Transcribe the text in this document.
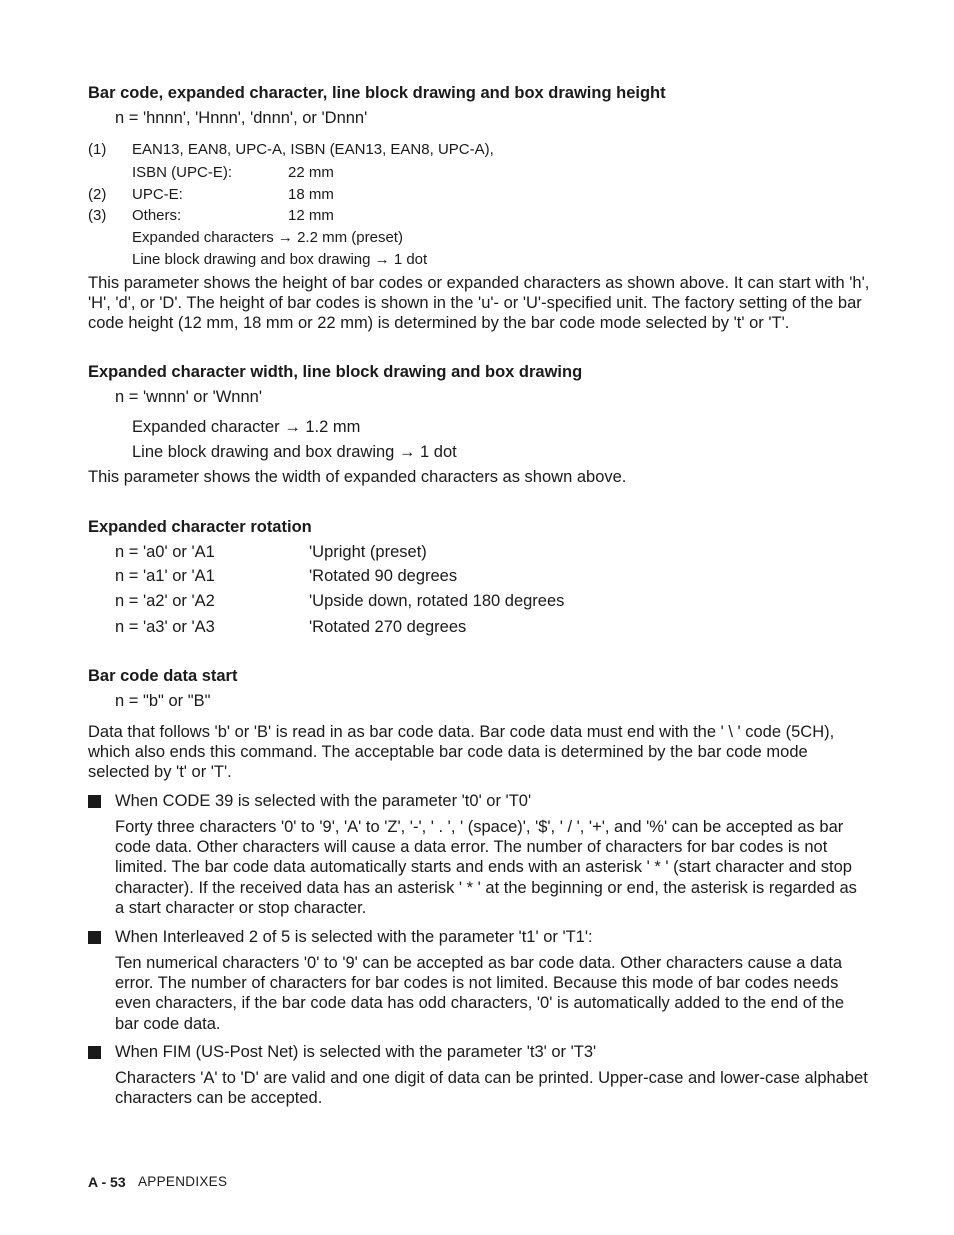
Bar code, expanded character, line block drawing and box drawing height
n = 'hnnn', 'Hnnn', 'dnnn', or 'Dnnn'
(1) EAN13, EAN8, UPC-A, ISBN (EAN13, EAN8, UPC-A),
ISBN (UPC-E):	22 mm
(2) UPC-E:	18 mm
(3) Others:	12 mm
Expanded characters → 2.2 mm (preset)
Line block drawing and box drawing → 1 dot
This parameter shows the height of bar codes or expanded characters as shown above. It can start with 'h', 'H', 'd', or 'D'. The height of bar codes is shown in the 'u'- or 'U'-specified unit. The factory setting of the bar code height (12 mm, 18 mm or 22 mm) is determined by the bar code mode selected by 't' or 'T'.
Expanded character width, line block drawing and box drawing
n = 'wnnn' or 'Wnnn'
Expanded character → 1.2 mm
Line block drawing and box drawing → 1 dot
This parameter shows the width of expanded characters as shown above.
Expanded character rotation
n = 'a0' or 'A1	'Upright (preset)
n = 'a1' or 'A1	'Rotated 90 degrees
n = 'a2' or 'A2	'Upside down, rotated 180 degrees
n = 'a3' or 'A3	'Rotated 270 degrees
Bar code data start
n = "b" or "B"
Data that follows 'b' or 'B' is read in as bar code data. Bar code data must end with the ' \ ' code (5CH), which also ends this command. The acceptable bar code data is determined by the bar code mode selected by 't' or 'T'.
When CODE 39 is selected with the parameter 't0' or 'T0'
Forty three characters '0' to '9', 'A' to 'Z', '-', ' . ', ' (space)', '$', ' / ', '+', and '%' can be accepted as bar code data. Other characters will cause a data error. The number of characters for bar codes is not limited. The bar code data automatically starts and ends with an asterisk ' * ' (start character and stop character). If the received data has an asterisk ' * ' at the beginning or end, the asterisk is regarded as a start character or stop character.
When Interleaved 2 of 5 is selected with the parameter 't1' or 'T1':
Ten numerical characters '0' to '9' can be accepted as bar code data. Other characters cause a data error. The number of characters for bar codes is not limited. Because this mode of bar codes needs even characters, if the bar code data has odd characters, '0' is automatically added to the end of the bar code data.
When FIM (US-Post Net) is selected with the parameter 't3' or 'T3'
Characters 'A' to 'D' are valid and one digit of data can be printed. Upper-case and lower-case alphabet characters can be accepted.
A - 53 APPENDIXES
